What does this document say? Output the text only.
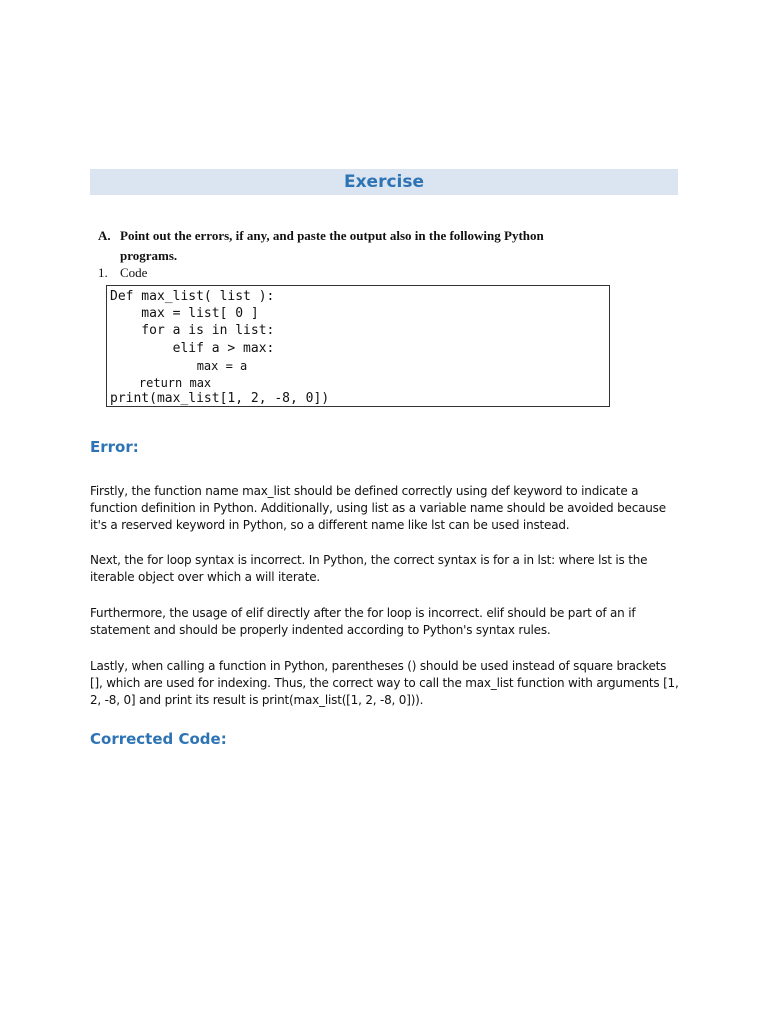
Exercise
A. Point out the errors, if any, and paste the output also in the following Python
programs.
1. Code
Def max_list( list ):
max = list[ 0 ]
for a is in list:
elif a > max:
max = a
return max
print(max_list[1, 2, -8, 0])
Error:
Firstly, the function name max_list should be defined correctly using def keyword to indicate a function definition in Python. Additionally, using list as a variable name should be avoided because it's a reserved keyword in Python, so a different name like lst can be used instead.
Next, the for loop syntax is incorrect. In Python, the correct syntax is for a in lst: where lst is the iterable object over which a will iterate.
Furthermore, the usage of elif directly after the for loop is incorrect. elif should be part of an if statement and should be properly indented according to Python's syntax rules.
Lastly, when calling a function in Python, parentheses () should be used instead of square brackets [], which are used for indexing. Thus, the correct way to call the max_list function with arguments [1, 2, -8, 0] and print its result is print(max_list([1, 2, -8, 0])).
Corrected Code:
